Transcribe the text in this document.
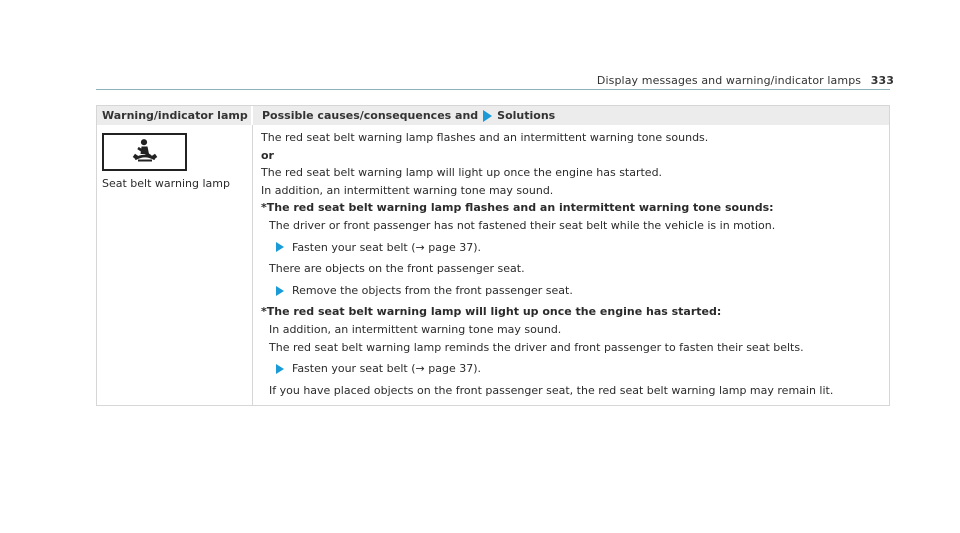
Display messages and warning/indicator lamps 333
Warning/indicator lamp	Possible causes/consequences and Solutions
Seat belt warning lamp
The red seat belt warning lamp flashes and an intermittent warning tone sounds.
or
The red seat belt warning lamp will light up once the engine has started.
In addition, an intermittent warning tone may sound.
*The red seat belt warning lamp flashes and an intermittent warning tone sounds:
The driver or front passenger has not fastened their seat belt while the vehicle is in motion.
Fasten your seat belt (→ page 37).
There are objects on the front passenger seat.
Remove the objects from the front passenger seat.
*The red seat belt warning lamp will light up once the engine has started:
In addition, an intermittent warning tone may sound.
The red seat belt warning lamp reminds the driver and front passenger to fasten their seat belts.
Fasten your seat belt (→ page 37).
If you have placed objects on the front passenger seat, the red seat belt warning lamp may remain lit.
